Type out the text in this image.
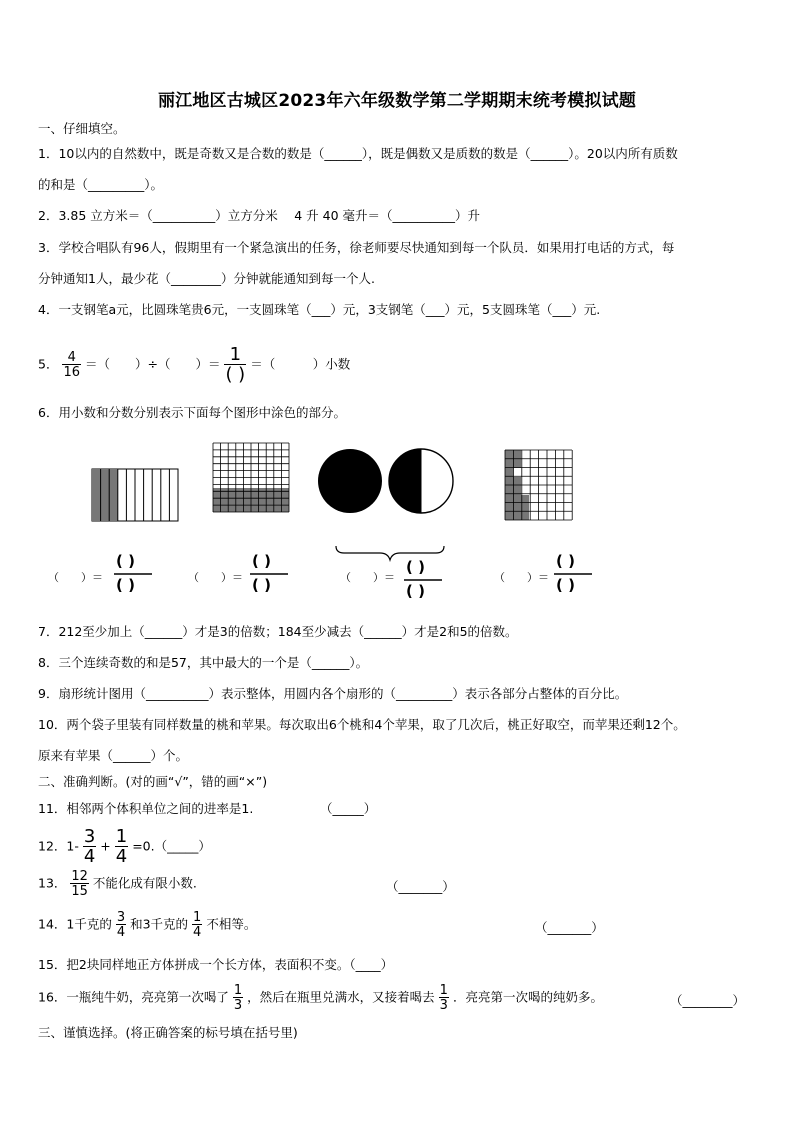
丽江地区古城区2023年六年级数学第二学期期末统考模拟试题
一、仔细填空。
1．10以内的自然数中，既是奇数又是合数的数是（______），既是偶数又是质数的数是（______）。20以内所有质数
的和是（_________）。
2．3.85 立方米＝（__________）立方分米　 4 升 40 毫升＝（__________）升
3．学校合唱队有96人，假期里有一个紧急演出的任务，徐老师要尽快通知到每一个队员．如果用打电话的方式，每
分钟通知1人，最少花（________）分钟就能通知到每一个人.
4．一支钢笔a元，比圆珠笔贵6元，一支圆珠笔（___）元，3支钢笔（___）元，5支圆珠笔（___）元.
5． $\frac{4}{16}$ ＝（　　）÷（　　）＝ $\frac{1}{( )}$ ＝（　　　）小数
6．用小数和分数分别表示下面每个图形中涂色的部分。
（　　）＝
( )
( )	（　　）＝
( )
( )	（　　）＝
( )
( )
（　　）＝
( )
( )
7．212至少加上（______）才是3的倍数；184至少减去（______）才是2和5的倍数。
8．三个连续奇数的和是57，其中最大的一个是（______）。
9．扇形统计图用（__________）表示整体，用圆内各个扇形的（_________）表示各部分占整体的百分比。
10．两个袋子里装有同样数量的桃和苹果。每次取出6个桃和4个苹果，取了几次后，桃正好取空，而苹果还剩12个。
原来有苹果（______）个。
二、准确判断。(对的画“√”，错的画“×”)
11．相邻两个体积单位之间的进率是1.	（_____）
12．$1- \frac{3}{4} + \frac{1}{4}$ =0.（_____）
13． $\frac{12}{15}$ 不能化成有限小数.	（_______）
14．1千克的 $\frac{3}{4}$ 和3千克的 $\frac{1}{4}$ 不相等。	（_______）
15．把2块同样地正方体拼成一个长方体，表面积不变。（____）
16．一瓶纯牛奶，亮亮第一次喝了 $\frac{1}{3}$ ，然后在瓶里兑满水，又接着喝去 $\frac{1}{3}$ ．亮亮第一次喝的纯奶多。	（________）
三、谨慎选择。(将正确答案的标号填在括号里)
